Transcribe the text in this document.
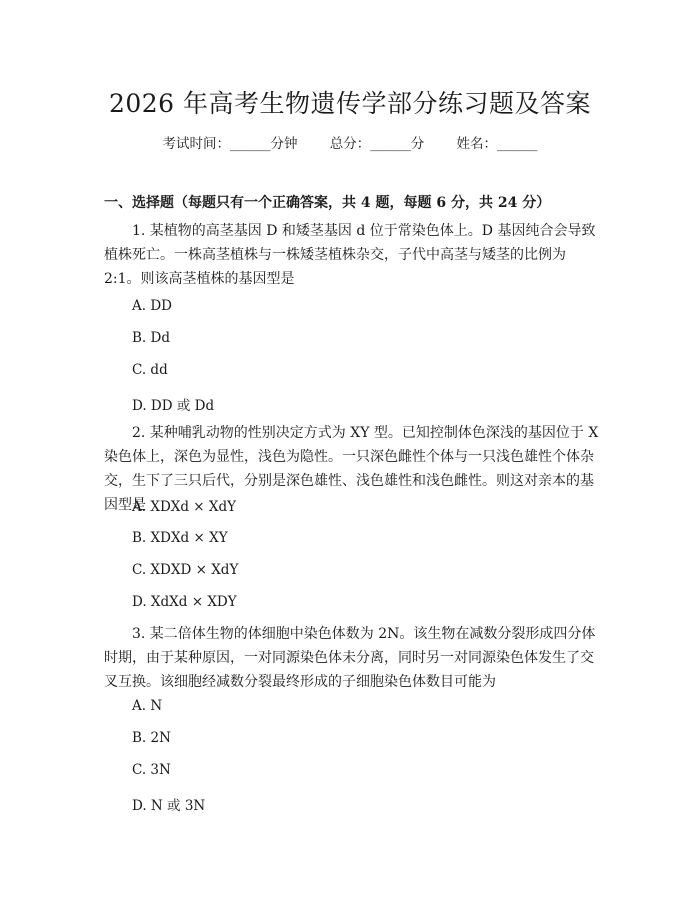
2026 年高考生物遗传学部分练习题及答案
考试时间：______分钟 总分：______分 姓名：______
一、选择题（每题只有一个正确答案，共 4 题，每题 6 分，共 24 分）
1. 某植物的高茎基因 D 和矮茎基因 d 位于常染色体上。D 基因纯合会导致植株死亡。一株高茎植株与一株矮茎植株杂交，子代中高茎与矮茎的比例为 2:1。则该高茎植株的基因型是
A. DD
B. Dd
C. dd
D. DD 或 Dd
2. 某种哺乳动物的性别决定方式为 XY 型。已知控制体色深浅的基因位于 X 染色体上，深色为显性，浅色为隐性。一只深色雌性个体与一只浅色雄性个体杂交，生下了三只后代，分别是深色雄性、浅色雄性和浅色雌性。则这对亲本的基因型是
A. XDXd × XdY
B. XDXd × XY
C. XDXD × XdY
D. XdXd × XDY
3. 某二倍体生物的体细胞中染色体数为 2N。该生物在减数分裂形成四分体时期，由于某种原因，一对同源染色体未分离，同时另一对同源染色体发生了交叉互换。该细胞经减数分裂最终形成的子细胞染色体数目可能为
A. N
B. 2N
C. 3N
D. N 或 3N
